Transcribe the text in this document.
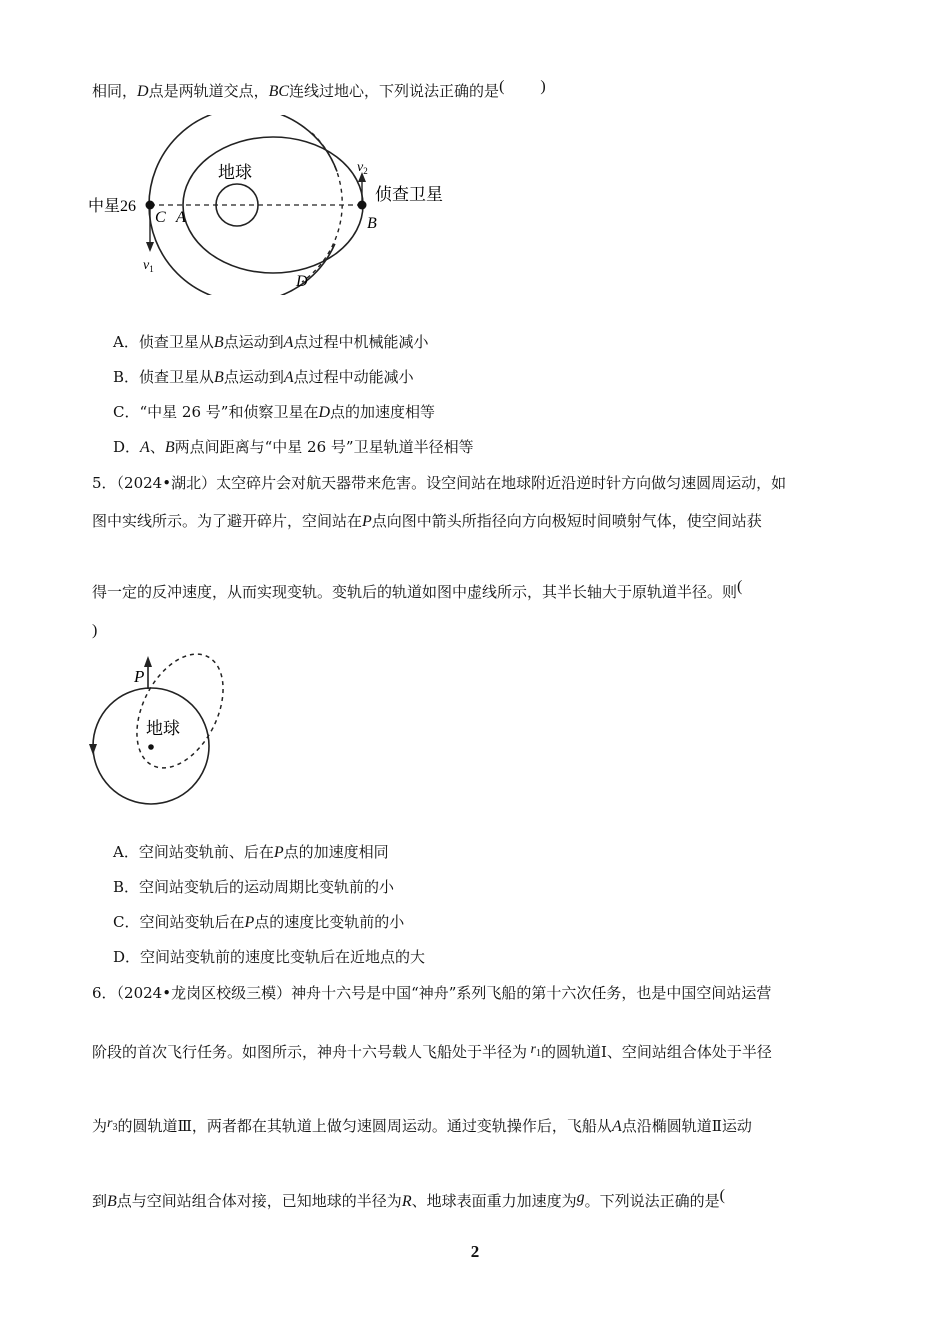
相同，D点是两轨道交点，BC连线过地心，下列说法正确的是( )
地球
中星26
侦查卫星
C A	B
D
$v_1$
$v_2$
A．侦查卫星从B点运动到A点过程中机械能减小
B．侦查卫星从B点运动到A点过程中动能减小
C．“中星 26 号”和侦察卫星在D点的加速度相等
D．A、B两点间距离与“中星 26 号”卫星轨道半径相等
5．（2024•湖北）太空碎片会对航天器带来危害。设空间站在地球附近沿逆时针方向做匀速圆周运动，如
图中实线所示。为了避开碎片，空间站在P点向图中箭头所指径向方向极短时间喷射气体，使空间站获
得一定的反冲速度，从而实现变轨。变轨后的轨道如图中虚线所示，其半长轴大于原轨道半径。则(
)
P
地球
A．空间站变轨前、后在P点的加速度相同
B．空间站变轨后的运动周期比变轨前的小
C．空间站变轨后在P点的速度比变轨前的小
D．空间站变轨前的速度比变轨后在近地点的大
6．（2024•龙岗区校级三模）神舟十六号是中国“神舟”系列飞船的第十六次任务，也是中国空间站运营
阶段的首次飞行任务。如图所示，神舟十六号载人飞船处于半径为 $r_1$的圆轨道Ⅰ、空间站组合体处于半径
为$r_3$的圆轨道Ⅲ，两者都在其轨道上做匀速圆周运动。通过变轨操作后，飞船从A点沿椭圆轨道Ⅱ运动
到B点与空间站组合体对接，已知地球的半径为R、地球表面重力加速度为g。下列说法正确的是(
2
